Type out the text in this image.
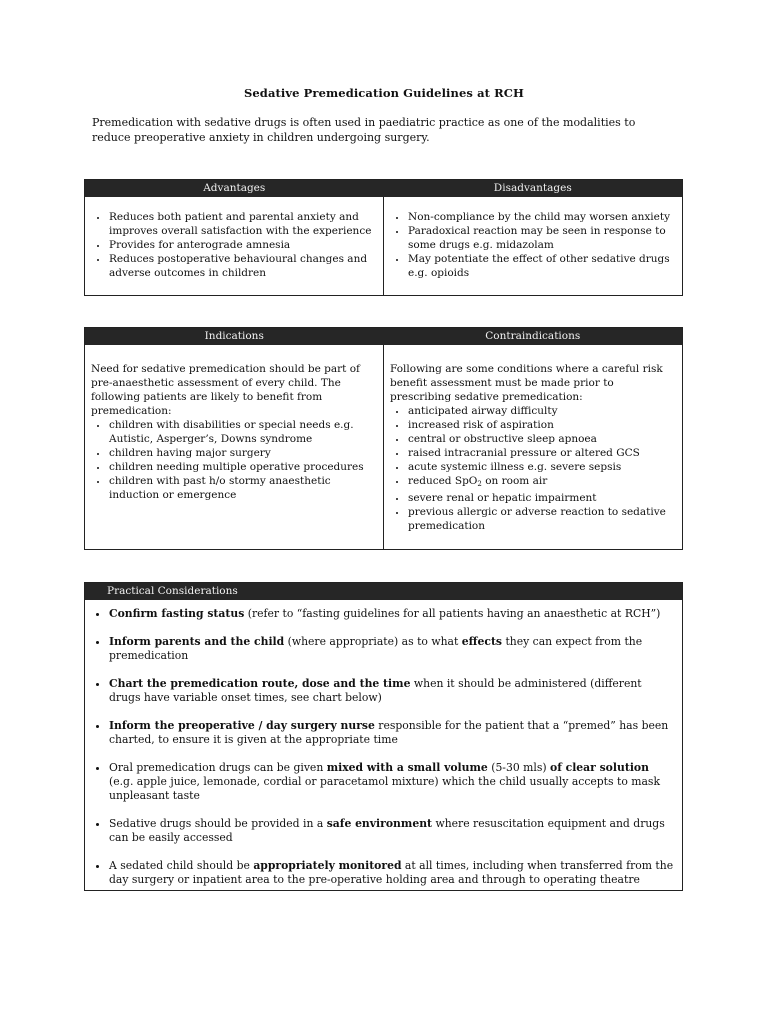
Sedative Premedication Guidelines at RCH
Premedication with sedative drugs is often used in paediatric practice as one of the modalities to reduce preoperative anxiety in children undergoing surgery.
Advantages	Disadvantages
• Reduces both patient and parental anxiety and improves overall satisfaction with the experience
• Provides for anterograde amnesia
• Reduces postoperative behavioural changes and adverse outcomes in children
• Non-compliance by the child may worsen anxiety
• Paradoxical reaction may be seen in response to some drugs e.g. midazolam
• May potentiate the effect of other sedative drugs e.g. opioids
Indications	Contraindications

Need for sedative premedication should be part of pre-anaesthetic assessment of every child. The following patients are likely to benefit from premedication:

• children with disabilities or special needs e.g. Autistic, Asperger’s, Downs syndrome
• children having major surgery
• children needing multiple operative procedures
• children with past h/o stormy anaesthetic induction or emergence

Following are some conditions where a careful risk benefit assessment must be made prior to prescribing sedative premedication:

• anticipated airway difficulty
• increased risk of aspiration
• central or obstructive sleep apnoea
• raised intracranial pressure or altered GCS
• acute systemic illness e.g. severe sepsis
• reduced SpO$_2$ on room air
• severe renal or hepatic impairment
• previous allergic or adverse reaction to sedative premedication
Practical Considerations
• Confirm fasting status (refer to “fasting guidelines for all patients having an anaesthetic at RCH”)
• Inform parents and the child (where appropriate) as to what effects they can expect from the premedication
• Chart the premedication route, dose and the time when it should be administered (different drugs have variable onset times, see chart below)
• Inform the preoperative / day surgery nurse responsible for the patient that a “premed” has been charted, to ensure it is given at the appropriate time
• Oral premedication drugs can be given mixed with a small volume (5-30 mls) of clear solution (e.g. apple juice, lemonade, cordial or paracetamol mixture) which the child usually accepts to mask unpleasant taste
• Sedative drugs should be provided in a safe environment where resuscitation equipment and drugs can be easily accessed
• A sedated child should be appropriately monitored at all times, including when transferred from the day surgery or inpatient area to the pre-operative holding area and through to operating theatre
